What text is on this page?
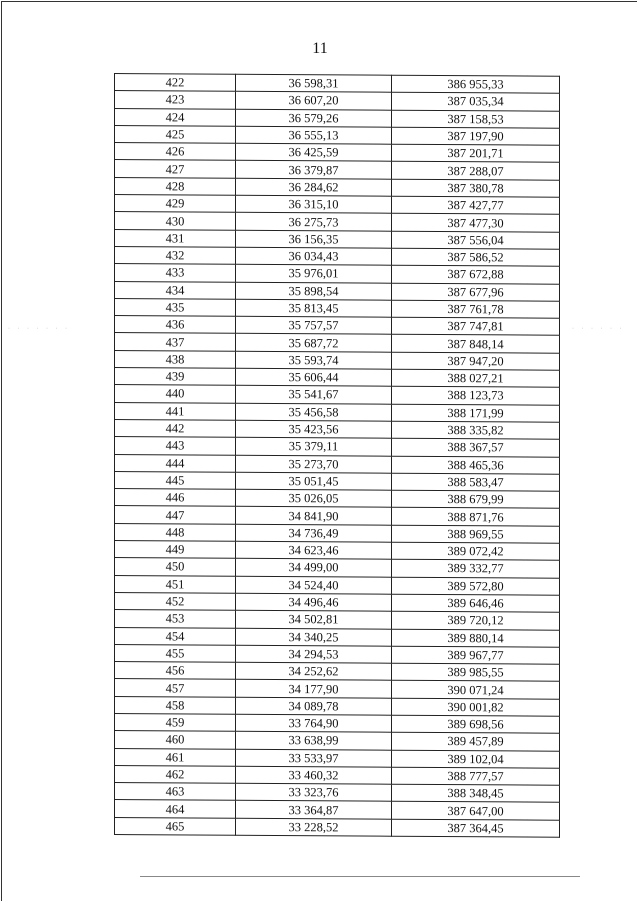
11
· · · · · · ·	· · · · · ·
422	36 598,31	386 955,33
423	36 607,20	387 035,34
424	36 579,26	387 158,53
425	36 555,13	387 197,90
426	36 425,59	387 201,71
427	36 379,87	387 288,07
428	36 284,62	387 380,78
429	36 315,10	387 427,77
430	36 275,73	387 477,30
431	36 156,35	387 556,04
432	36 034,43	387 586,52
433	35 976,01	387 672,88
434	35 898,54	387 677,96
435	35 813,45	387 761,78
436	35 757,57	387 747,81
437	35 687,72	387 848,14
438	35 593,74	387 947,20
439	35 606,44	388 027,21
440	35 541,67	388 123,73
441	35 456,58	388 171,99
442	35 423,56	388 335,82
443	35 379,11	388 367,57
444	35 273,70	388 465,36
445	35 051,45	388 583,47
446	35 026,05	388 679,99
447	34 841,90	388 871,76
448	34 736,49	388 969,55
449	34 623,46	389 072,42
450	34 499,00	389 332,77
451	34 524,40	389 572,80
452	34 496,46	389 646,46
453	34 502,81	389 720,12
454	34 340,25	389 880,14
455	34 294,53	389 967,77
456	34 252,62	389 985,55
457	34 177,90	390 071,24
458	34 089,78	390 001,82
459	33 764,90	389 698,56
460	33 638,99	389 457,89
461	33 533,97	389 102,04
462	33 460,32	388 777,57
463	33 323,76	388 348,45
464	33 364,87	387 647,00
465	33 228,52	387 364,45
